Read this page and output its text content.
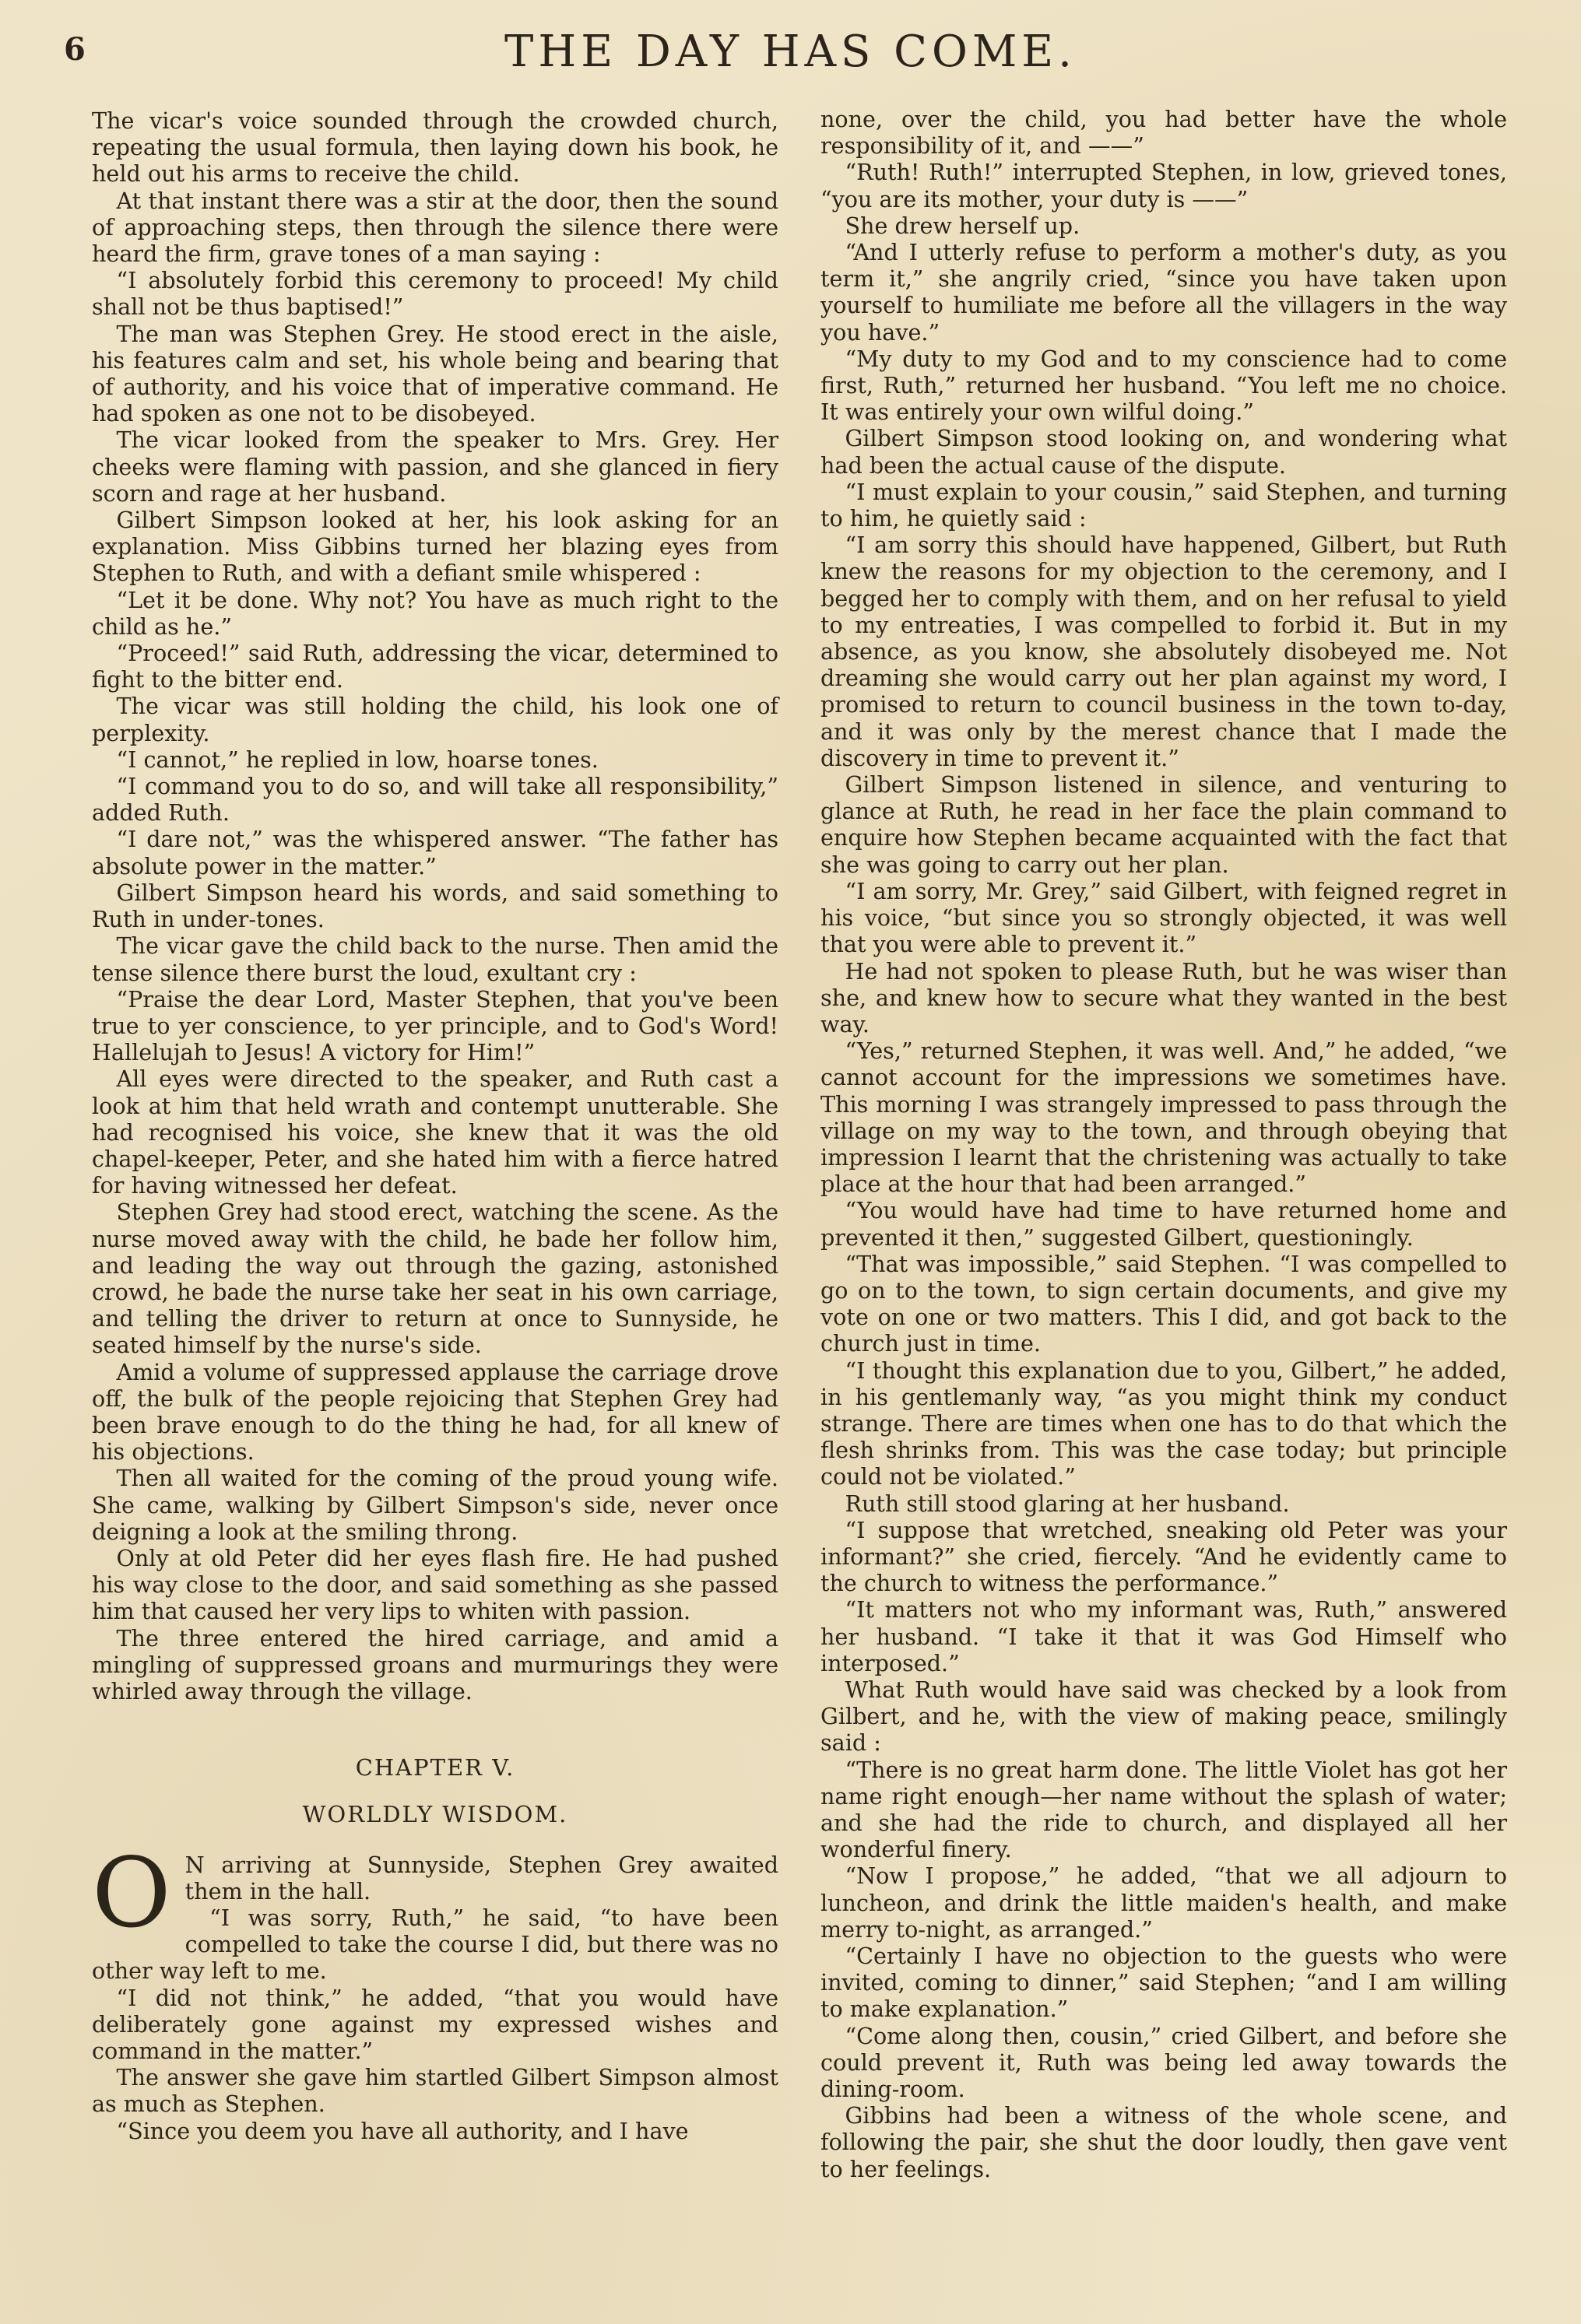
6	THE DAY HAS COME.

The vicar's voice sounded through the crowded church, repeating the usual formula, then laying down his book, he held out his arms to receive the child.

At that instant there was a stir at the door, then the sound of approaching steps, then through the silence there were heard the firm, grave tones of a man saying :

“I absolutely forbid this ceremony to proceed! My child shall not be thus baptised!”

The man was Stephen Grey. He stood erect in the aisle, his features calm and set, his whole being and bearing that of authority, and his voice that of imperative command. He had spoken as one not to be disobeyed.

The vicar looked from the speaker to Mrs. Grey. Her cheeks were flaming with passion, and she glanced in fiery scorn and rage at her husband.

Gilbert Simpson looked at her, his look asking for an explanation. Miss Gibbins turned her blazing eyes from Stephen to Ruth, and with a defiant smile whispered :

“Let it be done. Why not? You have as much right to the child as he.”

“Proceed!” said Ruth, addressing the vicar, determined to fight to the bitter end.

The vicar was still holding the child, his look one of perplexity.

“I cannot,” he replied in low, hoarse tones.

“I command you to do so, and will take all responsibility,” added Ruth.

“I dare not,” was the whispered answer. “The father has absolute power in the matter.”

Gilbert Simpson heard his words, and said something to Ruth in under-tones.

The vicar gave the child back to the nurse. Then amid the tense silence there burst the loud, exultant cry :

“Praise the dear Lord, Master Stephen, that you've been true to yer conscience, to yer principle, and to God's Word! Hallelujah to Jesus! A victory for Him!”

All eyes were directed to the speaker, and Ruth cast a look at him that held wrath and contempt unutterable. She had recognised his voice, she knew that it was the old chapel-keeper, Peter, and she hated him with a fierce hatred for having witnessed her defeat.

Stephen Grey had stood erect, watching the scene. As the nurse moved away with the child, he bade her follow him, and leading the way out through the gazing, astonished crowd, he bade the nurse take her seat in his own carriage, and telling the driver to return at once to Sunnyside, he seated himself by the nurse's side.

Amid a volume of suppressed applause the carriage drove off, the bulk of the people rejoicing that Stephen Grey had been brave enough to do the thing he had, for all knew of his objections.

Then all waited for the coming of the proud young wife. She came, walking by Gilbert Simpson's side, never once deigning a look at the smiling throng.

Only at old Peter did her eyes flash fire. He had pushed his way close to the door, and said something as she passed him that caused her very lips to whiten with passion.

The three entered the hired carriage, and amid a mingling of suppressed groans and murmurings they were whirled away through the village.

CHAPTER V.
WORLDLY WISDOM.

O N arriving at Sunnyside, Stephen Grey awaited them in the hall.

“I was sorry, Ruth,” he said, “to have been compelled to take the course I did, but there was no other way left to me.

“I did not think,” he added, “that you would have deliberately gone against my expressed wishes and command in the matter.”

The answer she gave him startled Gilbert Simpson almost as much as Stephen.

“Since you deem you have all authority, and I have

none, over the child, you had better have the whole responsibility of it, and ——”

“Ruth! Ruth!” interrupted Stephen, in low, grieved tones, “you are its mother, your duty is ——”

She drew herself up.

“And I utterly refuse to perform a mother's duty, as you term it,” she angrily cried, “since you have taken upon yourself to humiliate me before all the villagers in the way you have.”

“My duty to my God and to my conscience had to come first, Ruth,” returned her husband. “You left me no choice. It was entirely your own wilful doing.”

Gilbert Simpson stood looking on, and wondering what had been the actual cause of the dispute.

“I must explain to your cousin,” said Stephen, and turning to him, he quietly said :

“I am sorry this should have happened, Gilbert, but Ruth knew the reasons for my objection to the ceremony, and I begged her to comply with them, and on her refusal to yield to my entreaties, I was compelled to forbid it. But in my absence, as you know, she absolutely disobeyed me. Not dreaming she would carry out her plan against my word, I promised to return to council business in the town to-day, and it was only by the merest chance that I made the discovery in time to prevent it.”

Gilbert Simpson listened in silence, and venturing to glance at Ruth, he read in her face the plain command to enquire how Stephen became acquainted with the fact that she was going to carry out her plan.

“I am sorry, Mr. Grey,” said Gilbert, with feigned regret in his voice, “but since you so strongly objected, it was well that you were able to prevent it.”

He had not spoken to please Ruth, but he was wiser than she, and knew how to secure what they wanted in the best way.

“Yes,” returned Stephen, it was well. And,” he added, “we cannot account for the impressions we sometimes have. This morning I was strangely impressed to pass through the village on my way to the town, and through obeying that impression I learnt that the christening was actually to take place at the hour that had been arranged.”

“You would have had time to have returned home and prevented it then,” suggested Gilbert, questioningly.

“That was impossible,” said Stephen. “I was compelled to go on to the town, to sign certain documents, and give my vote on one or two matters. This I did, and got back to the church just in time.

“I thought this explanation due to you, Gilbert,” he added, in his gentlemanly way, “as you might think my conduct strange. There are times when one has to do that which the flesh shrinks from. This was the case today; but principle could not be violated.”

Ruth still stood glaring at her husband.

“I suppose that wretched, sneaking old Peter was your informant?” she cried, fiercely. “And he evidently came to the church to witness the performance.”

“It matters not who my informant was, Ruth,” answered her husband. “I take it that it was God Himself who interposed.”

What Ruth would have said was checked by a look from Gilbert, and he, with the view of making peace, smilingly said :

“There is no great harm done. The little Violet has got her name right enough—her name without the splash of water; and she had the ride to church, and displayed all her wonderful finery.

“Now I propose,” he added, “that we all adjourn to luncheon, and drink the little maiden's health, and make merry to-night, as arranged.”

“Certainly I have no objection to the guests who were invited, coming to dinner,” said Stephen; “and I am willing to make explanation.”

“Come along then, cousin,” cried Gilbert, and before she could prevent it, Ruth was being led away towards the dining-room.

Gibbins had been a witness of the whole scene, and following the pair, she shut the door loudly, then gave vent to her feelings.
